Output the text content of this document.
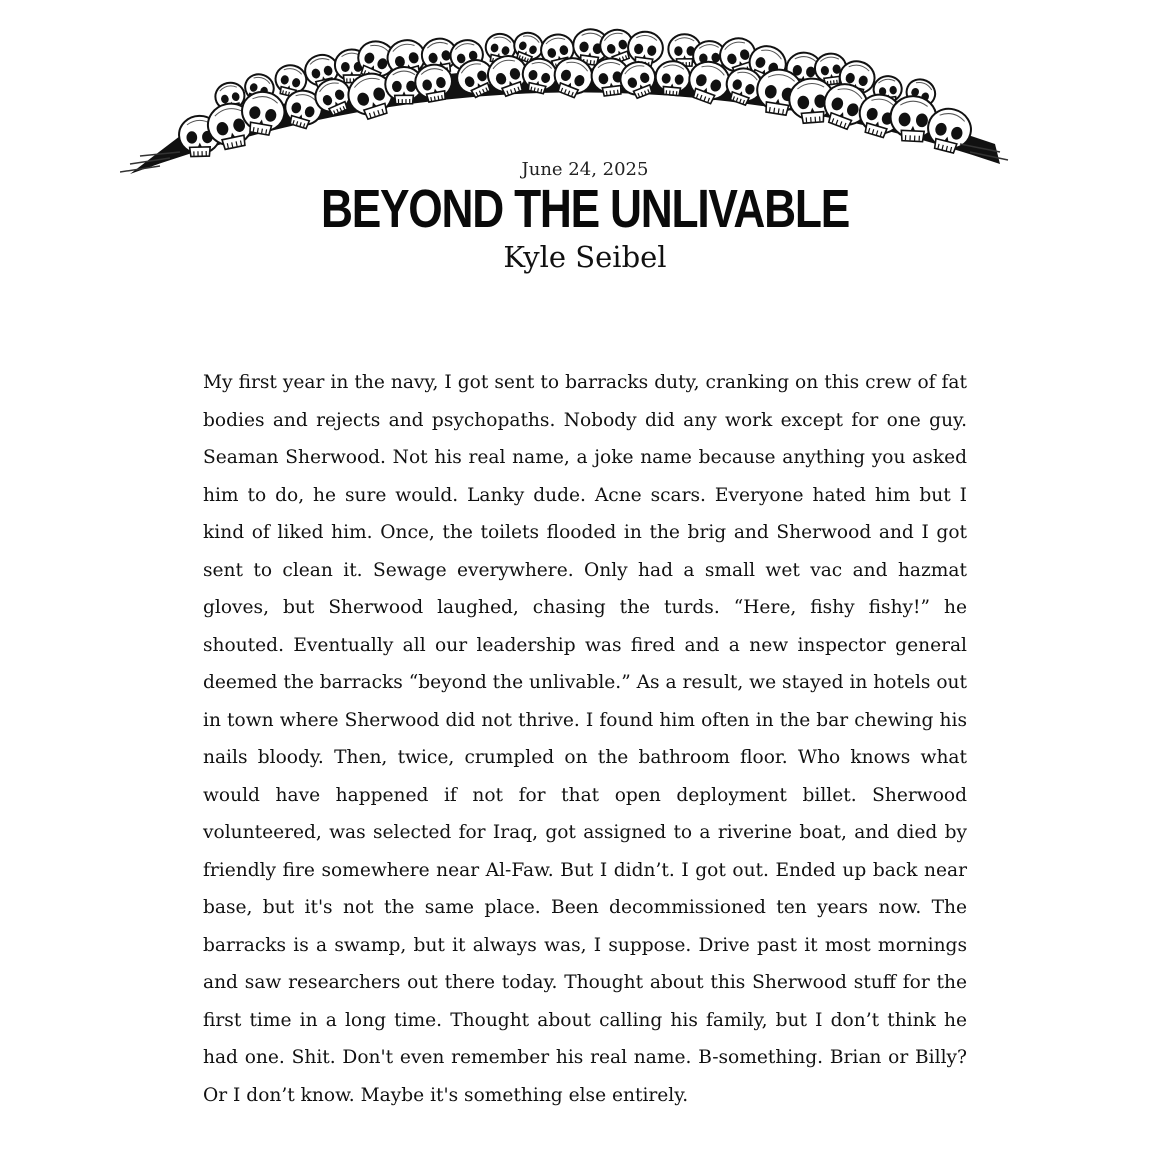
June 24, 2025
BEYOND THE UNLIVABLE
Kyle Seibel
My first year in the navy, I got sent to barracks duty, cranking on this crew of fat bodies and rejects and psychopaths. Nobody did any work except for one guy. Seaman Sherwood. Not his real name, a joke name because anything you asked him to do, he sure would. Lanky dude. Acne scars. Everyone hated him but I kind of liked him. Once, the toilets flooded in the brig and Sherwood and I got sent to clean it. Sewage everywhere. Only had a small wet vac and hazmat gloves, but Sherwood laughed, chasing the turds. “Here, fishy fishy!” he shouted. Eventually all our leadership was fired and a new inspector general deemed the barracks “beyond the unlivable.” As a result, we stayed in hotels out in town where Sherwood did not thrive. I found him often in the bar chewing his nails bloody. Then, twice, crumpled on the bathroom floor. Who knows what would have happened if not for that open deployment billet. Sherwood volunteered, was selected for Iraq, got assigned to a riverine boat, and died by friendly fire somewhere near Al-Faw. But I didn’t. I got out. Ended up back near base, but it's not the same place. Been decommissioned ten years now. The barracks is a swamp, but it always was, I suppose. Drive past it most mornings and saw researchers out there today. Thought about this Sherwood stuff for the first time in a long time. Thought about calling his family, but I don’t think he had one. Shit. Don't even remember his real name. B-something. Brian or Billy? Or I don’t know. Maybe it's something else entirely.
